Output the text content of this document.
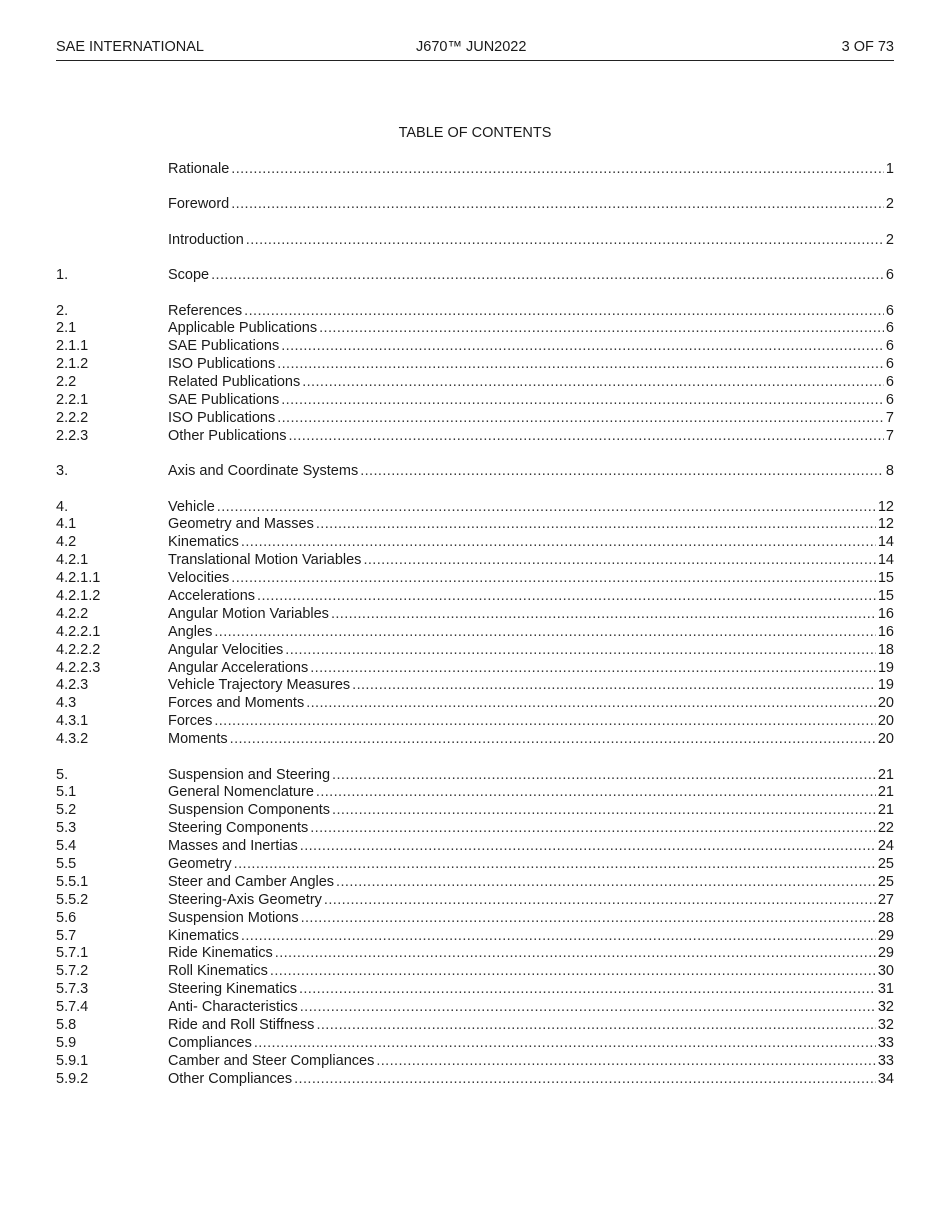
SAE INTERNATIONAL	J670™ JUN2022	3 OF 73
TABLE OF CONTENTS
Rationale .....	1
Foreword .....	2
Introduction .....	2
1.	Scope .....	6
2.	References .....	6
2.1	Applicable Publications .....	6
2.1.1	SAE Publications .....	6
2.1.2	ISO Publications .....	6
2.2	Related Publications .....	6
2.2.1	SAE Publications .....	6
2.2.2	ISO Publications .....	7
2.2.3	Other Publications .....	7
3.	Axis and Coordinate Systems .....	8
4.	Vehicle .....	12
4.1	Geometry and Masses .....	12
4.2	Kinematics .....	14
4.2.1	Translational Motion Variables .....	14
4.2.1.1	Velocities .....	15
4.2.1.2	Accelerations .....	15
4.2.2	Angular Motion Variables .....	16
4.2.2.1	Angles .....	16
4.2.2.2	Angular Velocities .....	18
4.2.2.3	Angular Accelerations .....	19
4.2.3	Vehicle Trajectory Measures .....	19
4.3	Forces and Moments .....	20
4.3.1	Forces .....	20
4.3.2	Moments .....	20
5.	Suspension and Steering .....	21
5.1	General Nomenclature .....	21
5.2	Suspension Components .....	21
5.3	Steering Components .....	22
5.4	Masses and Inertias .....	24
5.5	Geometry .....	25
5.5.1	Steer and Camber Angles .....	25
5.5.2	Steering-Axis Geometry .....	27
5.6	Suspension Motions .....	28
5.7	Kinematics .....	29
5.7.1	Ride Kinematics .....	29
5.7.2	Roll Kinematics .....	30
5.7.3	Steering Kinematics .....	31
5.7.4	Anti- Characteristics .....	32
5.8	Ride and Roll Stiffness .....	32
5.9	Compliances .....	33
5.9.1	Camber and Steer Compliances .....	33
5.9.2	Other Compliances .....	34
